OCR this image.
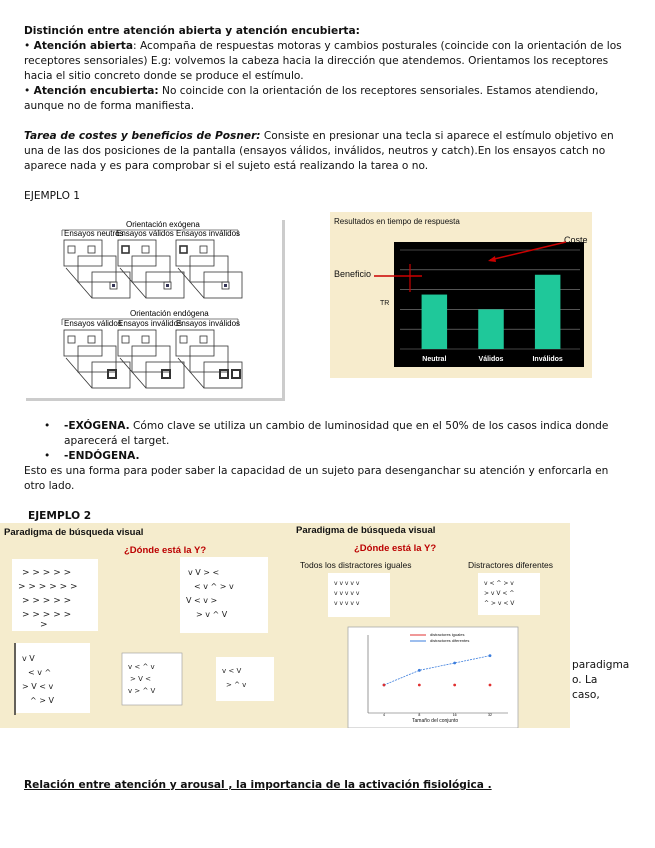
Distinción entre atención abierta y atención encubierta:
• Atención abierta: Acompaña de respuestas motoras y cambios posturales (coincide con la orientación de los
receptores sensoriales) E.g: volvemos la cabeza hacia la dirección que atendemos. Orientamos los receptores
hacia el sitio concreto donde se produce el estímulo.
• Atención encubierta: No coincide con la orientación de los receptores sensoriales. Estamos atendiendo,
aunque no de forma manifiesta.
Tarea de costes y beneficios de Posner: Consiste en presionar una tecla si aparece el estímulo objetivo en
una de las dos posiciones de la pantalla (ensayos válidos, inválidos, neutros y catch).En los ensayos catch no
aparece nada y es para comprobar si el sujeto está realizando la tarea o no.
EJEMPLO 1
Orientación exógena
Ensayos neutros
Ensayos válidos Ensayos inválidos
Orientación endógena
Ensayos válidos
Ensayos inválidos
Ensayos inválidos
Resultados en tiempo de respuesta
TR
Coste
Beneficio
Neutral	Válidos	Inválidos
• -EXÓGENA. Cómo clave se utiliza un cambio de luminosidad que en el 50% de los casos indica donde
aparecerá el target.
• -ENDÓGENA.
Esto es una forma para poder saber la capacidad de un sujeto para desenganchar su atención y enforcarla en
otro lado.
EJEMPLO 2
Paradigma de búsqueda visual
¿Dónde está la Y?
Paradigma de búsqueda visual
¿Dónde está la Y?
Todos los distractores iguales	Distractores diferentes
> > > > >
> > > > > >
> > > > >
> > > > >
>
v V > <
< v ^ > v
V < v >
> v ^ V
v V
< v ^
> V < v
^ > V
v < ^ v
> V <
v > ^ V
v < V
> ^ v
v v v v v
v v v v v
v v v v v
v < ^ > v
> v V < ^
^ > v < V
4	8	16	32
distractores iguales
distractores diferentes
Tamaño del conjunto
paradigma
o. La
caso,
Relación entre atención y arousal , la importancia de la activación fisiológica .
